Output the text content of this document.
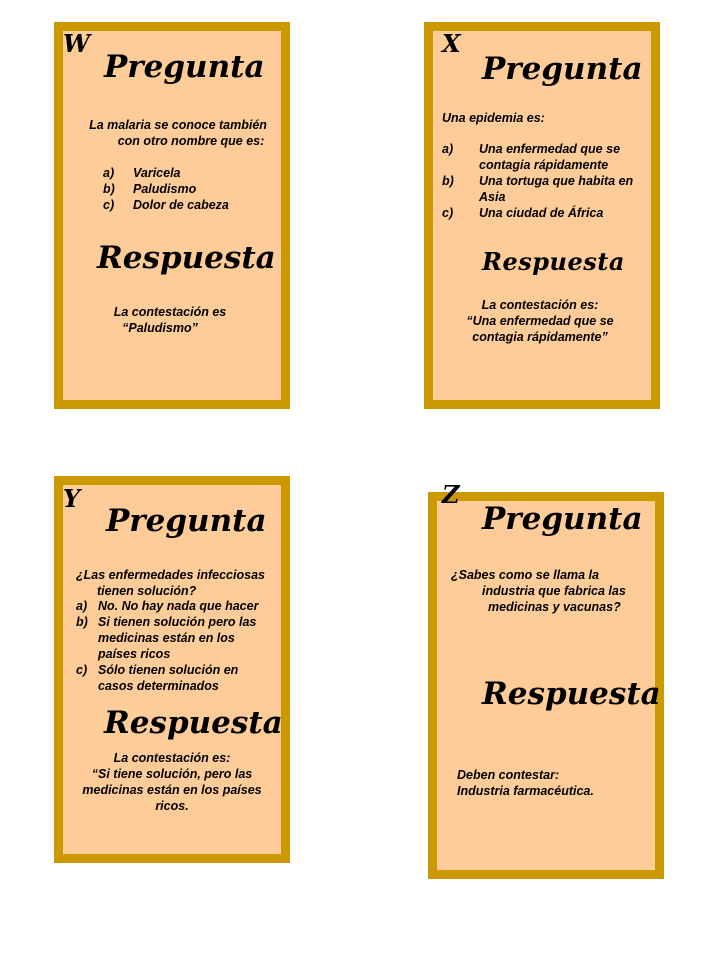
W
Pregunta

La malaria se conoce también

con otro nombre que es:

a) Varicela

b) Paludismo

c) Dolor de cabeza

Respuesta

La contestación es

“Paludismo”

X
Pregunta
Una epidemia es:

a) Una enfermedad que se
contagia rápidamente

b) Una tortuga que habita en
Asia

c) Una ciudad de África

Respuesta

La contestación es:

“Una enfermedad que se

contagia rápidamente”

Y
Pregunta

¿Las enfermedades infecciosas

tienen solución?

a) No. No hay nada que hacer

b) Si tienen solución pero las
medicinas están en los
países ricos

c) Sólo tienen solución en
casos determinados

Respuesta

La contestación es:

“Si tiene solución, pero las

medicinas están en los países

ricos.

Z
Pregunta

¿Sabes como se llama la

industria que fabrica las

medicinas y vacunas?

Respuesta

Deben contestar:

Industria farmacéutica.
